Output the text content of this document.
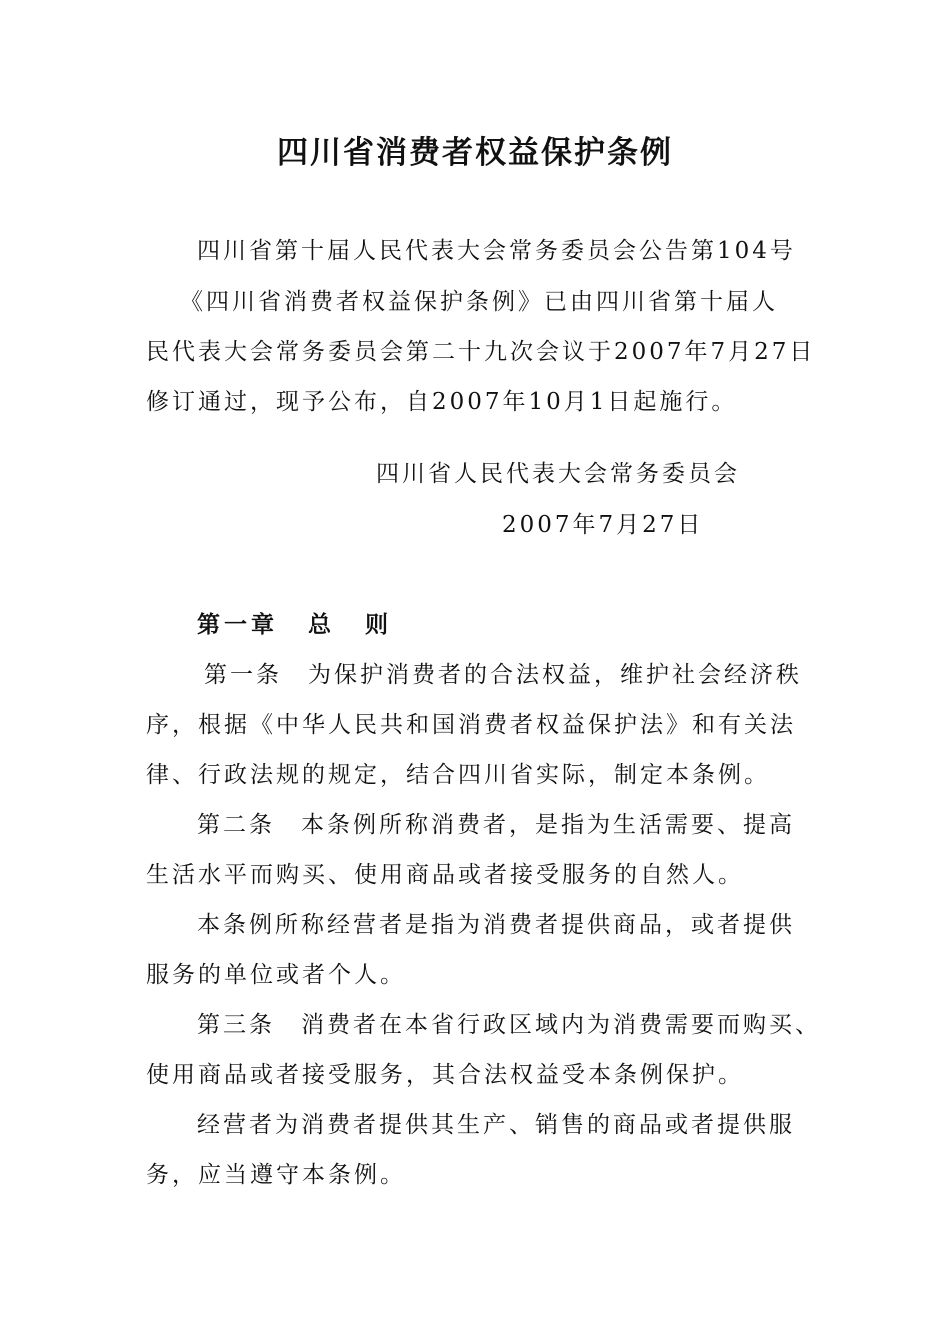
四川省消费者权益保护条例
四川省第十届人民代表大会常务委员会公告第104号
《四川省消费者权益保护条例》已由四川省第十届人
民代表大会常务委员会第二十九次会议于2007年7月27日
修订通过，现予公布，自2007年10月1日起施行。
四川省人民代表大会常务委员会
2007年7月27日
第一章 总 则
第一条　为保护消费者的合法权益，维护社会经济秩
序，根据《中华人民共和国消费者权益保护法》和有关法
律、行政法规的规定，结合四川省实际，制定本条例。
第二条　本条例所称消费者，是指为生活需要、提高
生活水平而购买、使用商品或者接受服务的自然人。
本条例所称经营者是指为消费者提供商品，或者提供
服务的单位或者个人。
第三条　消费者在本省行政区域内为消费需要而购买、
使用商品或者接受服务，其合法权益受本条例保护。
经营者为消费者提供其生产、销售的商品或者提供服
务，应当遵守本条例。
